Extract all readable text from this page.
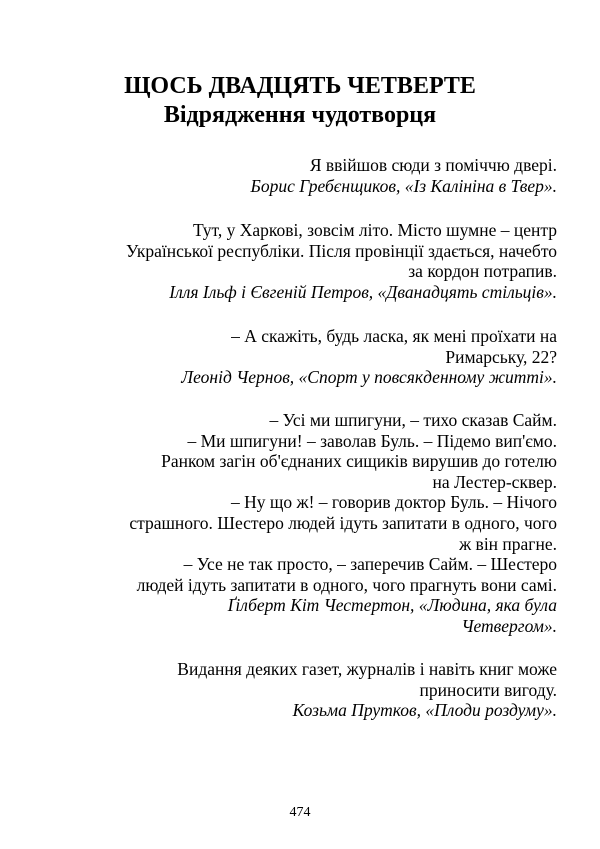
ЩОСЬ ДВАДЦЯТЬ ЧЕТВЕРТЕ
Відрядження чудотворця
Я ввійшов сюди з поміччю двері.
Борис Гребєнщиков, «Із Калініна в Твер».
Тут, у Харкові, зовсім літо. Місто шумне – центр
Української республіки. Після провінції здається, начебто
за кордон потрапив.
Ілля Ільф і Євгеній Петров, «Дванадцять стільців».
– А скажіть, будь ласка, як мені проїхати на
Римарську, 22?
Леонід Чернов, «Спорт у повсякденному житті».
– Усі ми шпигуни, – тихо сказав Сайм.
– Ми шпигуни! – заволав Буль. – Підемо вип'ємо.
Ранком загін об'єднаних сищиків вирушив до готелю
на Лестер-сквер.
– Ну що ж! – говорив доктор Буль. – Нічого
страшного. Шестеро людей ідуть запитати в одного, чого
ж він прагне.
– Усе не так просто, – заперечив Сайм. – Шестеро
людей ідуть запитати в одного, чого прагнуть вони самі.
Ґілберт Кіт Честертон, «Людина, яка була
Четвергом».
Видання деяких газет, журналів і навіть книг може
приносити вигоду.
Козьма Прутков, «Плоди роздуму».
474
